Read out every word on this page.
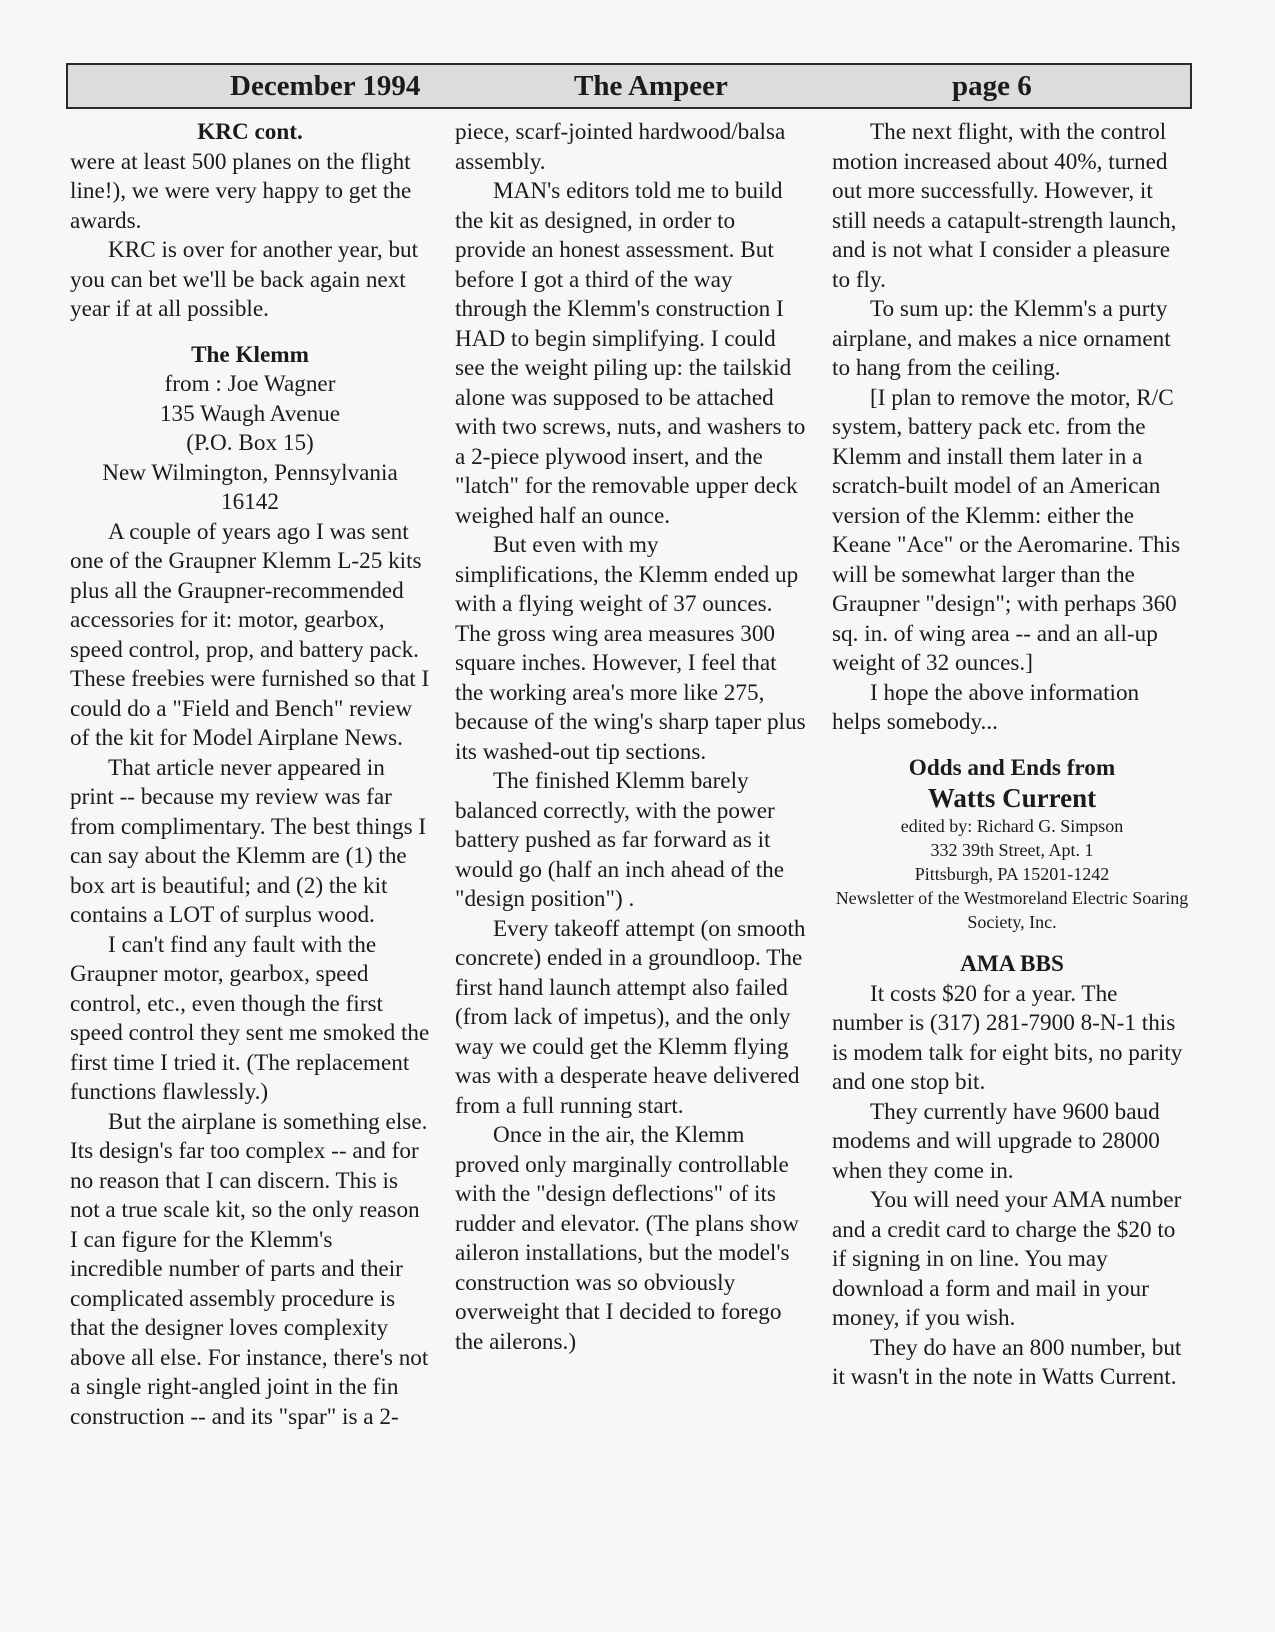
December 1994	The Ampeer	page 6

KRC cont.

were at least 500 planes on the flight line!), we were very happy to get the awards.

KRC is over for another year, but you can bet we'll be back again next year if at all possible.

The Klemm

from : Joe Wagner

135 Waugh Avenue

(P.O. Box 15)

New Wilmington, Pennsylvania

16142

A couple of years ago I was sent one of the Graupner Klemm L-25 kits plus all the Graupner-recommended accessories for it: motor, gearbox, speed control, prop, and battery pack. These freebies were furnished so that I could do a "Field and Bench" review of the kit for Model Airplane News.

That article never appeared in print -- because my review was far from complimentary. The best things I can say about the Klemm are (1) the box art is beautiful; and (2) the kit contains a LOT of surplus wood.

I can't find any fault with the Graupner motor, gearbox, speed control, etc., even though the first speed control they sent me smoked the first time I tried it. (The replacement functions flawlessly.)

But the airplane is something else. Its design's far too complex -- and for no reason that I can discern. This is not a true scale kit, so the only reason I can figure for the Klemm's incredible number of parts and their complicated assembly procedure is that the designer loves complexity above all else. For instance, there's not a single right-angled joint in the fin construction -- and its "spar" is a 2-

piece, scarf-jointed hardwood/balsa assembly.

MAN's editors told me to build the kit as designed, in order to provide an honest assessment. But before I got a third of the way through the Klemm's construction I HAD to begin simplifying. I could see the weight piling up: the tailskid alone was supposed to be attached with two screws, nuts, and washers to a 2-piece plywood insert, and the "latch" for the removable upper deck weighed half an ounce.

But even with my simplifications, the Klemm ended up with a flying weight of 37 ounces. The gross wing area measures 300 square inches. However, I feel that the working area's more like 275, because of the wing's sharp taper plus its washed-out tip sections.

The finished Klemm barely balanced correctly, with the power battery pushed as far forward as it would go (half an inch ahead of the "design position") .

Every takeoff attempt (on smooth concrete) ended in a groundloop. The first hand launch attempt also failed (from lack of impetus), and the only way we could get the Klemm flying was with a desperate heave delivered from a full running start.

Once in the air, the Klemm proved only marginally controllable with the "design deflections" of its rudder and elevator. (The plans show aileron installations, but the model's construction was so obviously overweight that I decided to forego the ailerons.)

The next flight, with the control motion increased about 40%, turned out more successfully. However, it still needs a catapult-strength launch, and is not what I consider a pleasure to fly.

To sum up: the Klemm's a purty airplane, and makes a nice ornament to hang from the ceiling.

[I plan to remove the motor, R/C system, battery pack etc. from the Klemm and install them later in a scratch-built model of an American version of the Klemm: either the Keane "Ace" or the Aeromarine. This will be somewhat larger than the Graupner "design"; with perhaps 360 sq. in. of wing area -- and an all-up weight of 32 ounces.]

I hope the above information helps somebody...

Odds and Ends from

Watts Current

edited by: Richard G. Simpson

332 39th Street, Apt. 1

Pittsburgh, PA 15201-1242

Newsletter of the Westmoreland Electric Soaring Society, Inc.

AMA BBS

It costs $20 for a year. The number is (317) 281-7900 8-N-1 this is modem talk for eight bits, no parity and one stop bit.

They currently have 9600 baud modems and will upgrade to 28000 when they come in.

You will need your AMA number and a credit card to charge the $20 to if signing in on line. You may download a form and mail in your money, if you wish.

They do have an 800 number, but it wasn't in the note in Watts Current.
